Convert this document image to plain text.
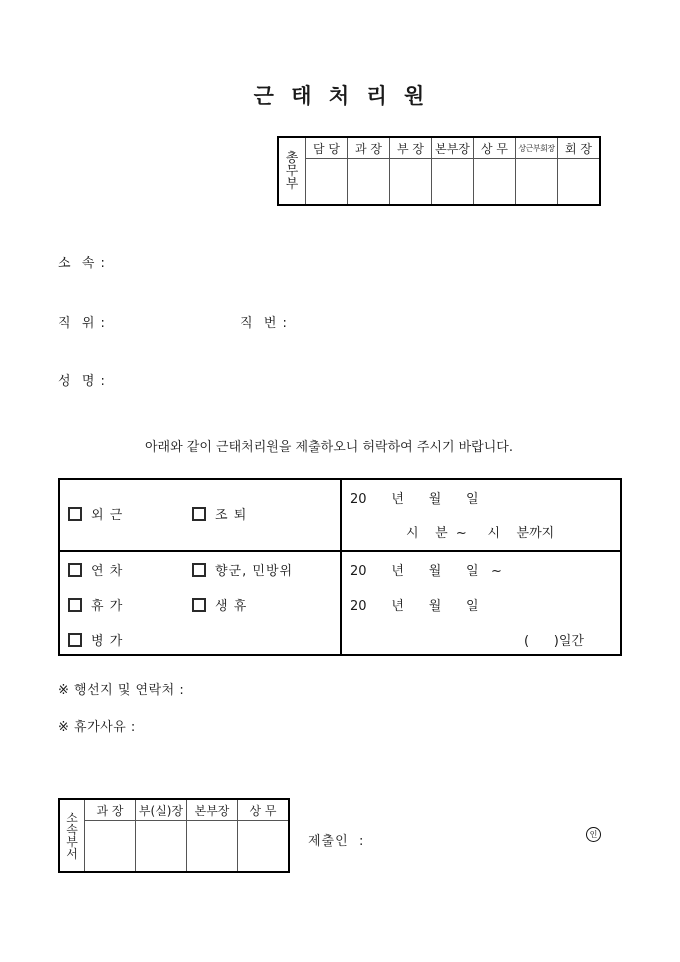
근 태 처 리 원
총
무
부	담 당	과 장	부 장	본부장	상 무	상근부회장	회 장

소  속 :
직  위 :	직  번 :
성  명 :
아래와 같이 근태처리원을 제출하오니 허락하여 주시기 바랍니다.
외 근	조 퇴
20      년      월      일
시    분  ~     시    분까지
연 차	향군, 민방위
휴 가	생 휴
병 가
20      년      월      일   ~
20      년      월      일
(      )일간
※ 행선지 및 연락처 :
※ 휴가사유 :
소
속
부
서	과 장	부(실)장	본부장	상 무

제출인  :	인
